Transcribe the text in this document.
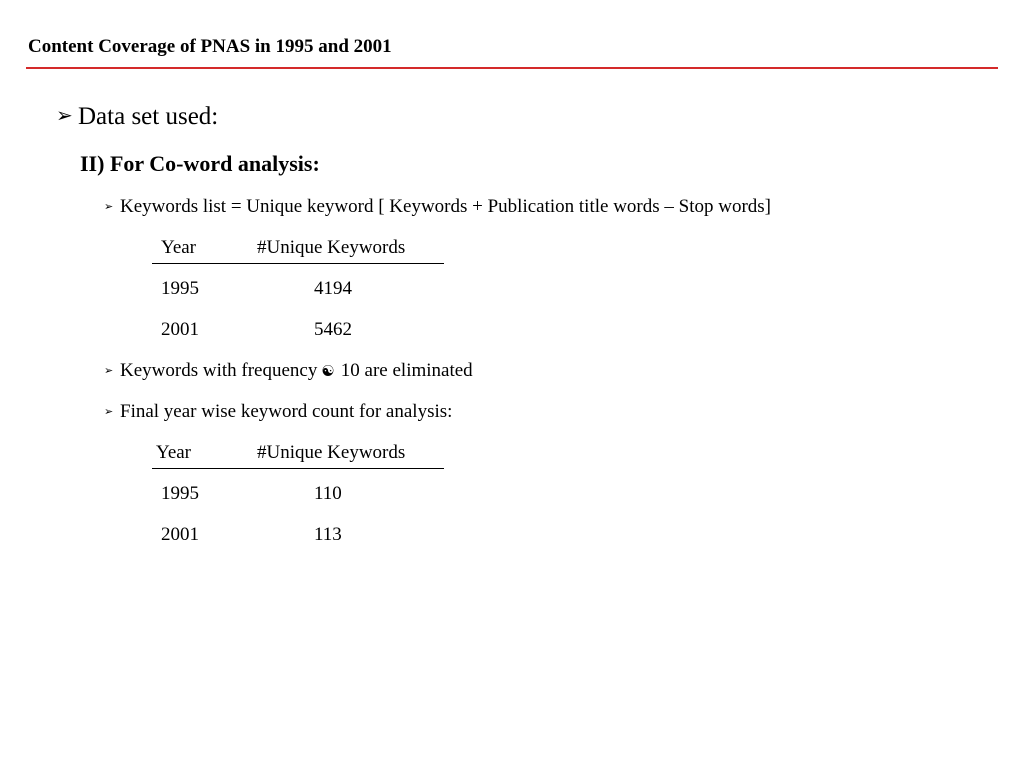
Content Coverage of PNAS in 1995 and 2001
➢ Data set used:
II) For Co-word analysis:
➢ Keywords list = Unique keyword [ Keywords + Publication title words – Stop words]
Year	#Unique Keywords
1995	4194
2001	5462
➢ Keywords with frequency ☯ 10 are eliminated
➢ Final year wise keyword count for analysis:
Year	#Unique Keywords
1995	110
2001	113
